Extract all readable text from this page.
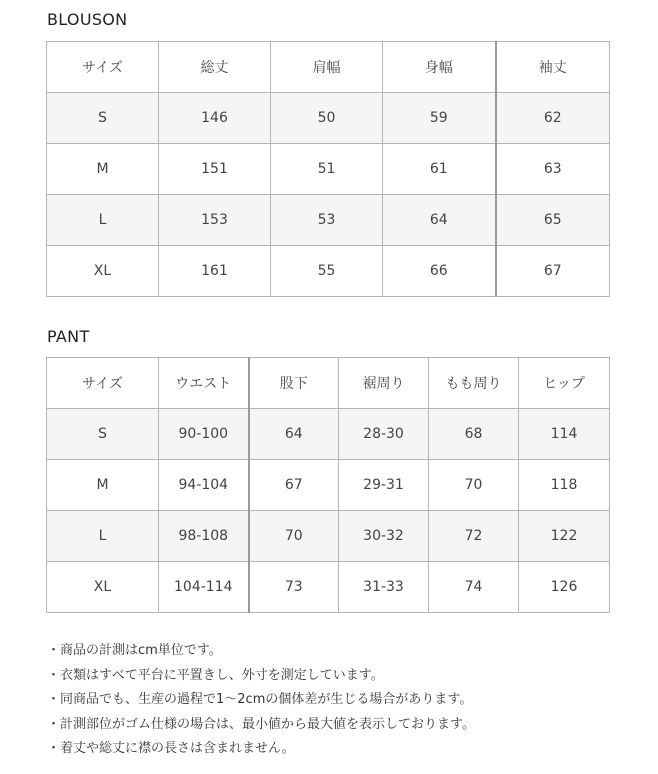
BLOUSON
サイズ	総丈	肩幅	身幅	袖丈
S	146	50	59	62
M	151	51	61	63
L	153	53	64	65
XL	161	55	66	67
PANT
サイズ	ウエスト	股下	裾周り	もも周り	ヒップ
S	90-100	64	28-30	68	114
M	94-104	67	29-31	70	118
L	98-108	70	30-32	72	122
XL	104-114	73	31-33	74	126
・商品の計測はcm単位です。
・衣類はすべて平台に平置きし、外寸を測定しています。
・同商品でも、生産の過程で1〜2cmの個体差が生じる場合があります。
・計測部位がゴム仕様の場合は、最小値から最大値を表示しております。
・着丈や総丈に襟の長さは含まれません。
